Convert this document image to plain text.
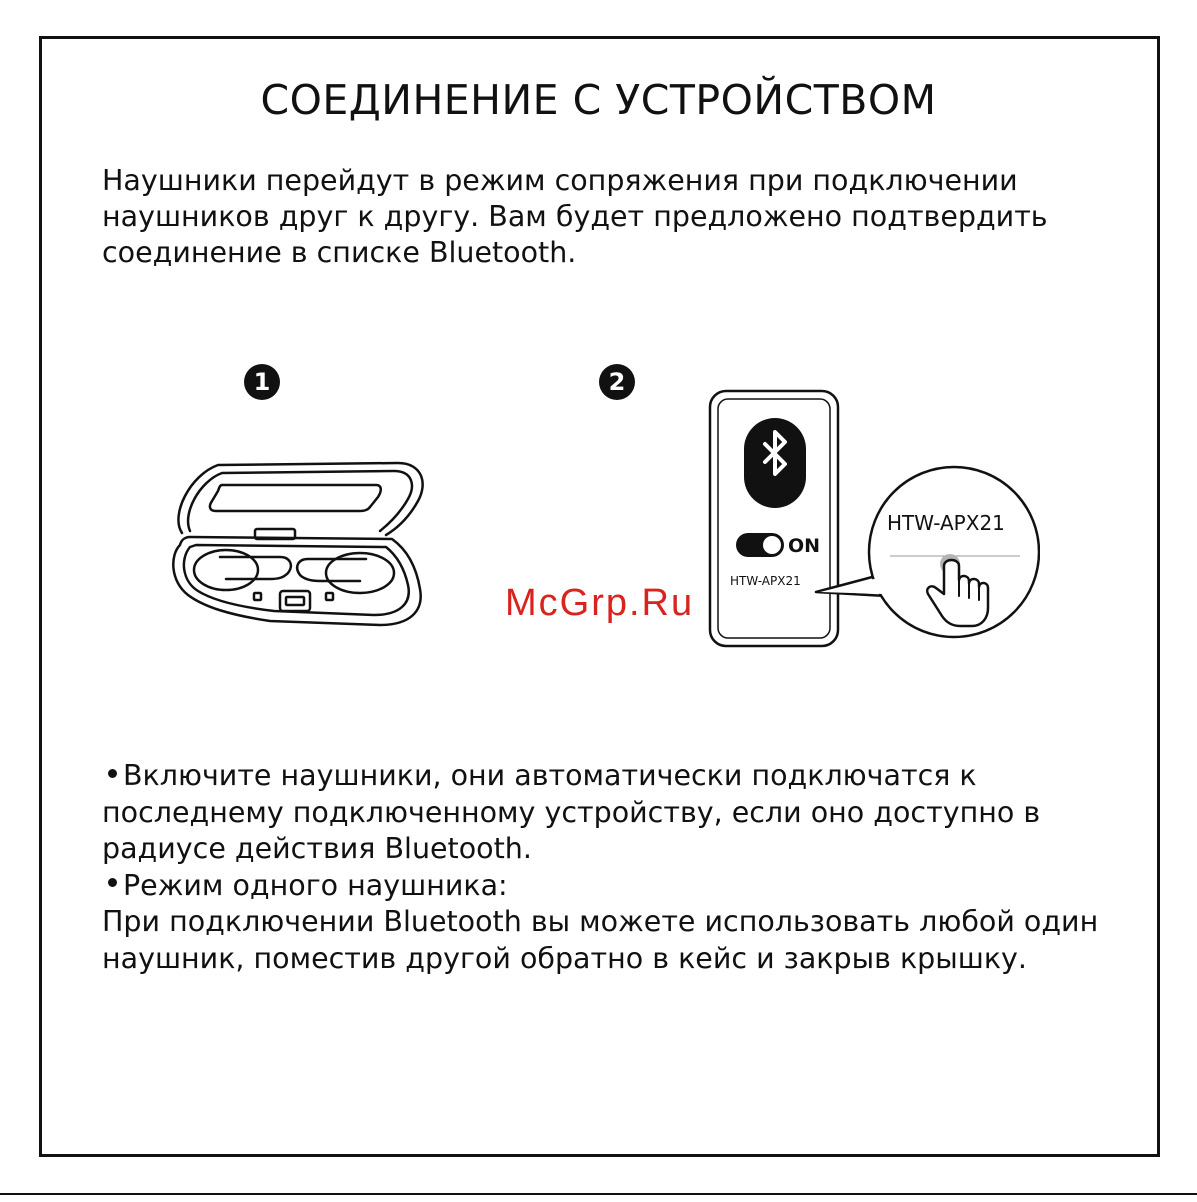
СОЕДИНЕНИЕ С УСТРОЙСТВОМ

Наушники перейдут в режим сопряжения при подключении наушников друг к другу. Вам будет предложено подтвердить соединение в списке Bluetooth.

1	2
ON
HTW-APX21
HTW-APX21

McGrp.Ru

Включите наушники, они автоматически подключатся к последнему подключенному устройству, если оно доступно в радиусе действия Bluetooth.

Режим одного наушника:

При подключении Bluetooth вы можете использовать любой один наушник, поместив другой обратно в кейс и закрыв крышку.
